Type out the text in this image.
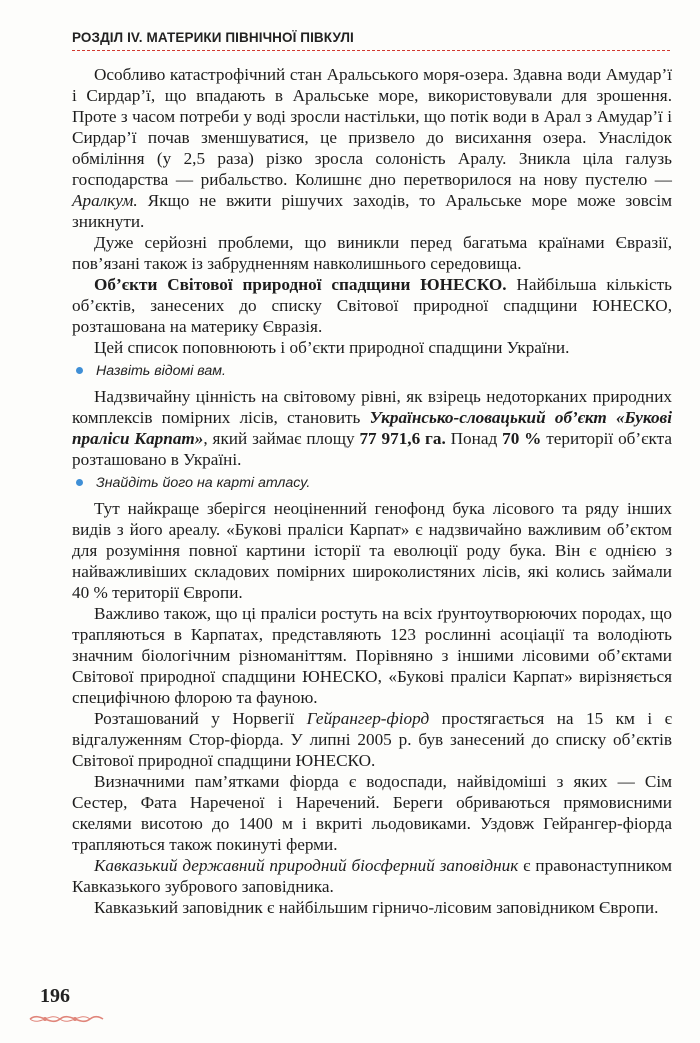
РОЗДІЛ IV. МАТЕРИКИ ПІВНІЧНОЇ ПІВКУЛІ

Особливо катастрофічний стан Аральського моря-озера. Здавна води Амудар’ї і Сирдар’ї, що впадають в Аральське море, використовували для зрошення. Проте з часом потреби у воді зросли настільки, що потік води в Арал з Амудар’ї і Сирдар’ї почав зменшуватися, це призвело до висихання озера. Унаслідок обміління (у 2,5 раза) різко зросла солоність Аралу. Зникла ціла галузь господарства — рибальство. Колишнє дно перетворилося на нову пустелю — Аралкум. Якщо не вжити рішучих заходів, то Аральське море може зовсім зникнути.

Дуже серйозні проблеми, що виникли перед багатьма країнами Євразії, пов’язані також із забрудненням навколишнього середовища.

Об’єкти Світової природної спадщини ЮНЕСКО. Найбільша кількість об’єктів, занесених до списку Світової природної спадщини ЮНЕСКО, розташована на материку Євразія.

Цей список поповнюють і об’єкти природної спадщини України.

Назвіть відомі вам.

Надзвичайну цінність на світовому рівні, як взірець недоторканих природних комплексів помірних лісів, становить Українсько-словацький об’єкт «Букові праліси Карпат», який займає площу 77 971,6 га. Понад 70 % території об’єкта розташовано в Україні.

Знайдіть його на карті атласу.

Тут найкраще зберігся неоціненний генофонд бука лісового та ряду інших видів з його ареалу. «Букові праліси Карпат» є надзвичайно важливим об’єктом для розуміння повної картини історії та еволюції роду бука. Він є однією з найважливіших складових помірних широколистяних лісів, які колись займали 40 % території Європи.

Важливо також, що ці праліси ростуть на всіх ґрунтоутворюючих породах, що трапляються в Карпатах, представляють 123 рослинні асоціації та володіють значним біологічним різноманіттям. Порівняно з іншими лісовими об’єктами Світової природної спадщини ЮНЕСКО, «Букові праліси Карпат» вирізняється специфічною флорою та фауною.

Розташований у Норвегії Гейрангер-фіорд простягається на 15 км і є відгалуженням Стор-фіорда. У липні 2005 р. був занесений до списку об’єктів Світової природної спадщини ЮНЕСКО.

Визначними пам’ятками фіорда є водоспади, найвідоміші з яких — Сім Сестер, Фата Нареченої і Наречений. Береги обриваються прямовисними скелями висотою до 1400 м і вкриті льодовиками. Уздовж Гейрангер-фіорда трапляються також покинуті ферми.

Кавказький державний природний біосферний заповідник є правонаступником Кавказького зубрового заповідника.

Кавказький заповідник є найбільшим гірничо-лісовим заповідником Європи.

196
